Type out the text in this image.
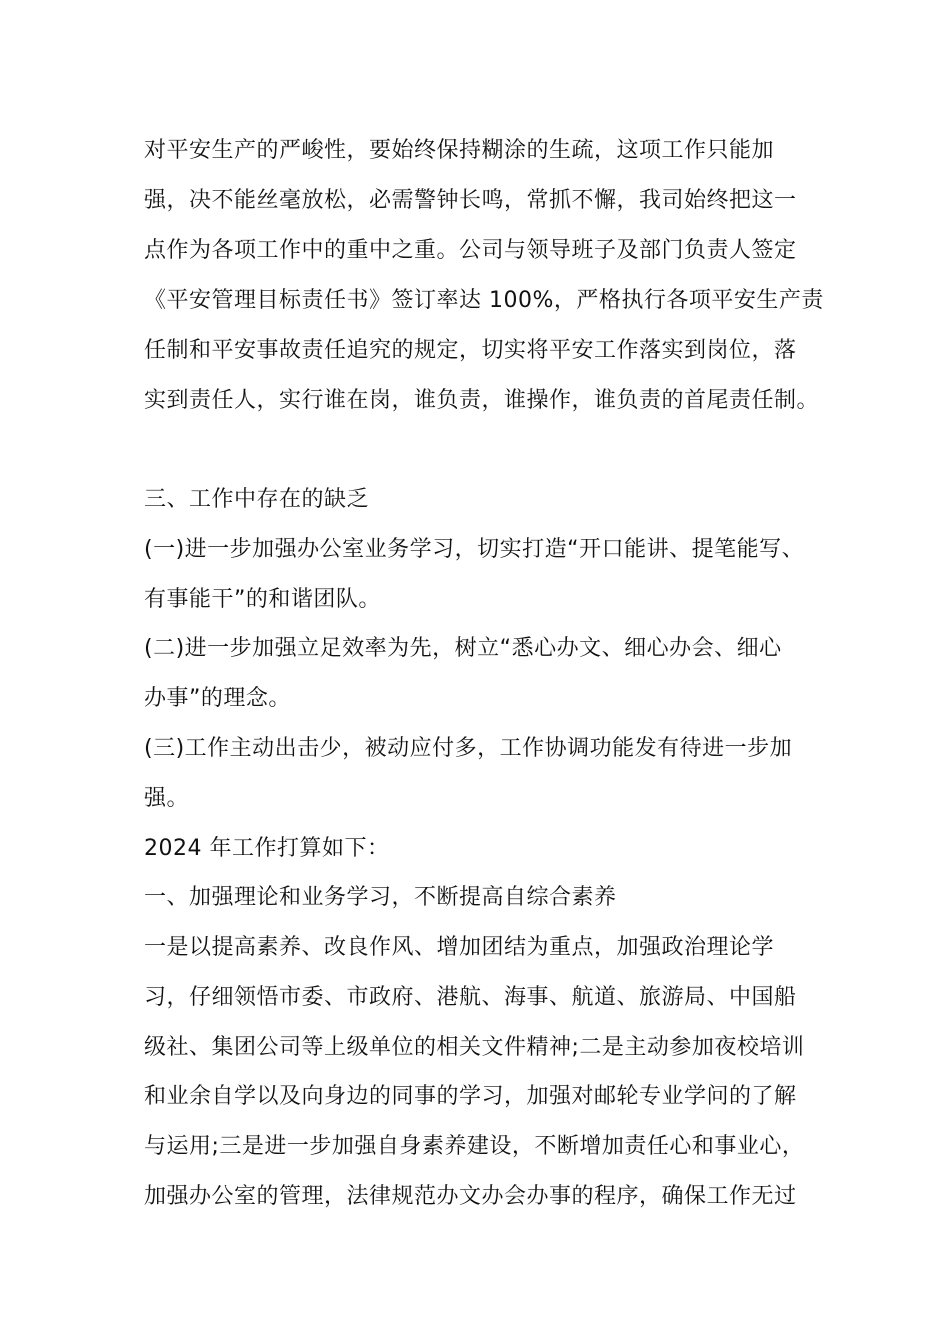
对平安生产的严峻性，要始终保持糊涂的生疏，这项工作只能加

强，决不能丝毫放松，必需警钟长鸣，常抓不懈，我司始终把这一

点作为各项工作中的重中之重。公司与领导班子及部门负责人签定

《平安管理目标责任书》签订率达 100%，严格执行各项平安生产责

任制和平安事故责任追究的规定，切实将平安工作落实到岗位，落

实到责任人，实行谁在岗，谁负责，谁操作，谁负责的首尾责任制。

三、工作中存在的缺乏

(一)进一步加强办公室业务学习，切实打造“开口能讲、提笔能写、

有事能干”的和谐团队。

(二)进一步加强立足效率为先，树立“悉心办文、细心办会、细心

办事”的理念。

(三)工作主动出击少，被动应付多，工作协调功能发有待进一步加

强。

2024 年工作打算如下：

一、加强理论和业务学习，不断提高自综合素养

一是以提高素养、改良作风、增加团结为重点，加强政治理论学

习，仔细领悟市委、市政府、港航、海事、航道、旅游局、中国船

级社、集团公司等上级单位的相关文件精神;二是主动参加夜校培训

和业余自学以及向身边的同事的学习，加强对邮轮专业学问的了解

与运用;三是进一步加强自身素养建设，不断增加责任心和事业心，

加强办公室的管理，法律规范办文办会办事的程序，确保工作无过
